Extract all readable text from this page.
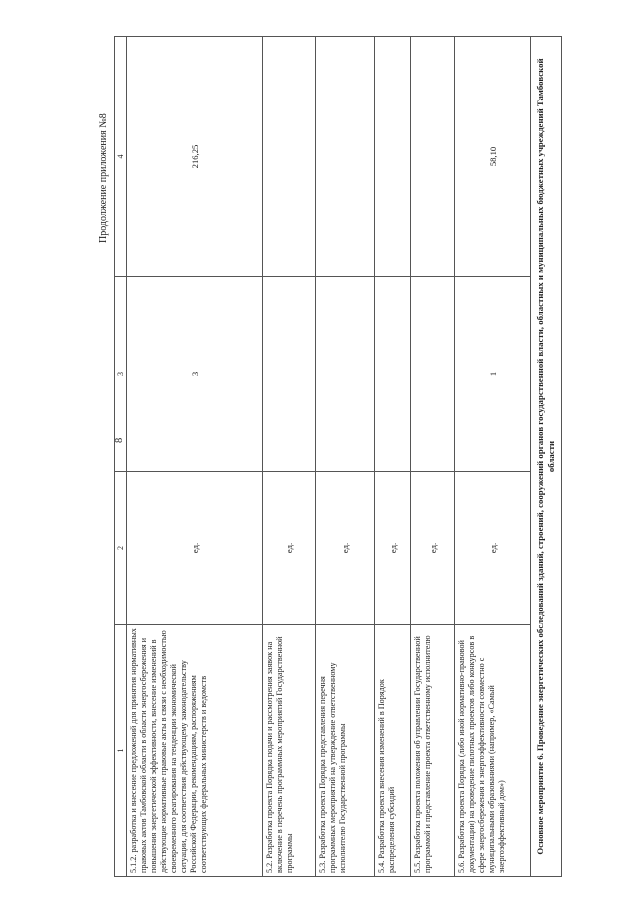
8
Продолжение приложения №8
1	2	3	4
5.1.2. разработка и внесение предложений для принятия нормативных правовых актов Тамбовской области в области энергосбережения и повышения энергетической эффективности, внесение изменений в действующие нормативные правовые акты в связи с необходимостью своевременного реагирования на тенденции экономической ситуации, для соответствия действующему законодательству Российской Федерации, рекомендациям, распоряжениям соответствующих федеральных министерств и ведомств	ед.	3	216,25
5.2. Разработка проекта Порядка подачи и рассмотрения заявок на включение в перечень программных мероприятий Государственной программы	ед.		
5.3. Разработка проекта Порядка представления перечня программных мероприятий на утверждение ответственному исполнителю Государственной программы	ед.		
5.4. Разработка проекта внесения изменений в Порядок распределения субсидий	ед.		
5.5. Разработка проекта положения об управлении Государственной программой и представление проекта ответственному исполнителю	ед.		
5.6. Разработка проекта Порядка (либо иной нормативно-правовой документации) на проведение пилотных проектов либо конкурсов в сфере энергосбережения и энергоэффективности совместно с муниципальными образованиями (например, «Самый энергоэффективный дом»)	ед.	1	58,10
Основное мероприятие 6. Проведение энергетических обследований зданий, строений, сооружений органов государственной власти, областных и муниципальных бюджетных учреждений Тамбовской области			
